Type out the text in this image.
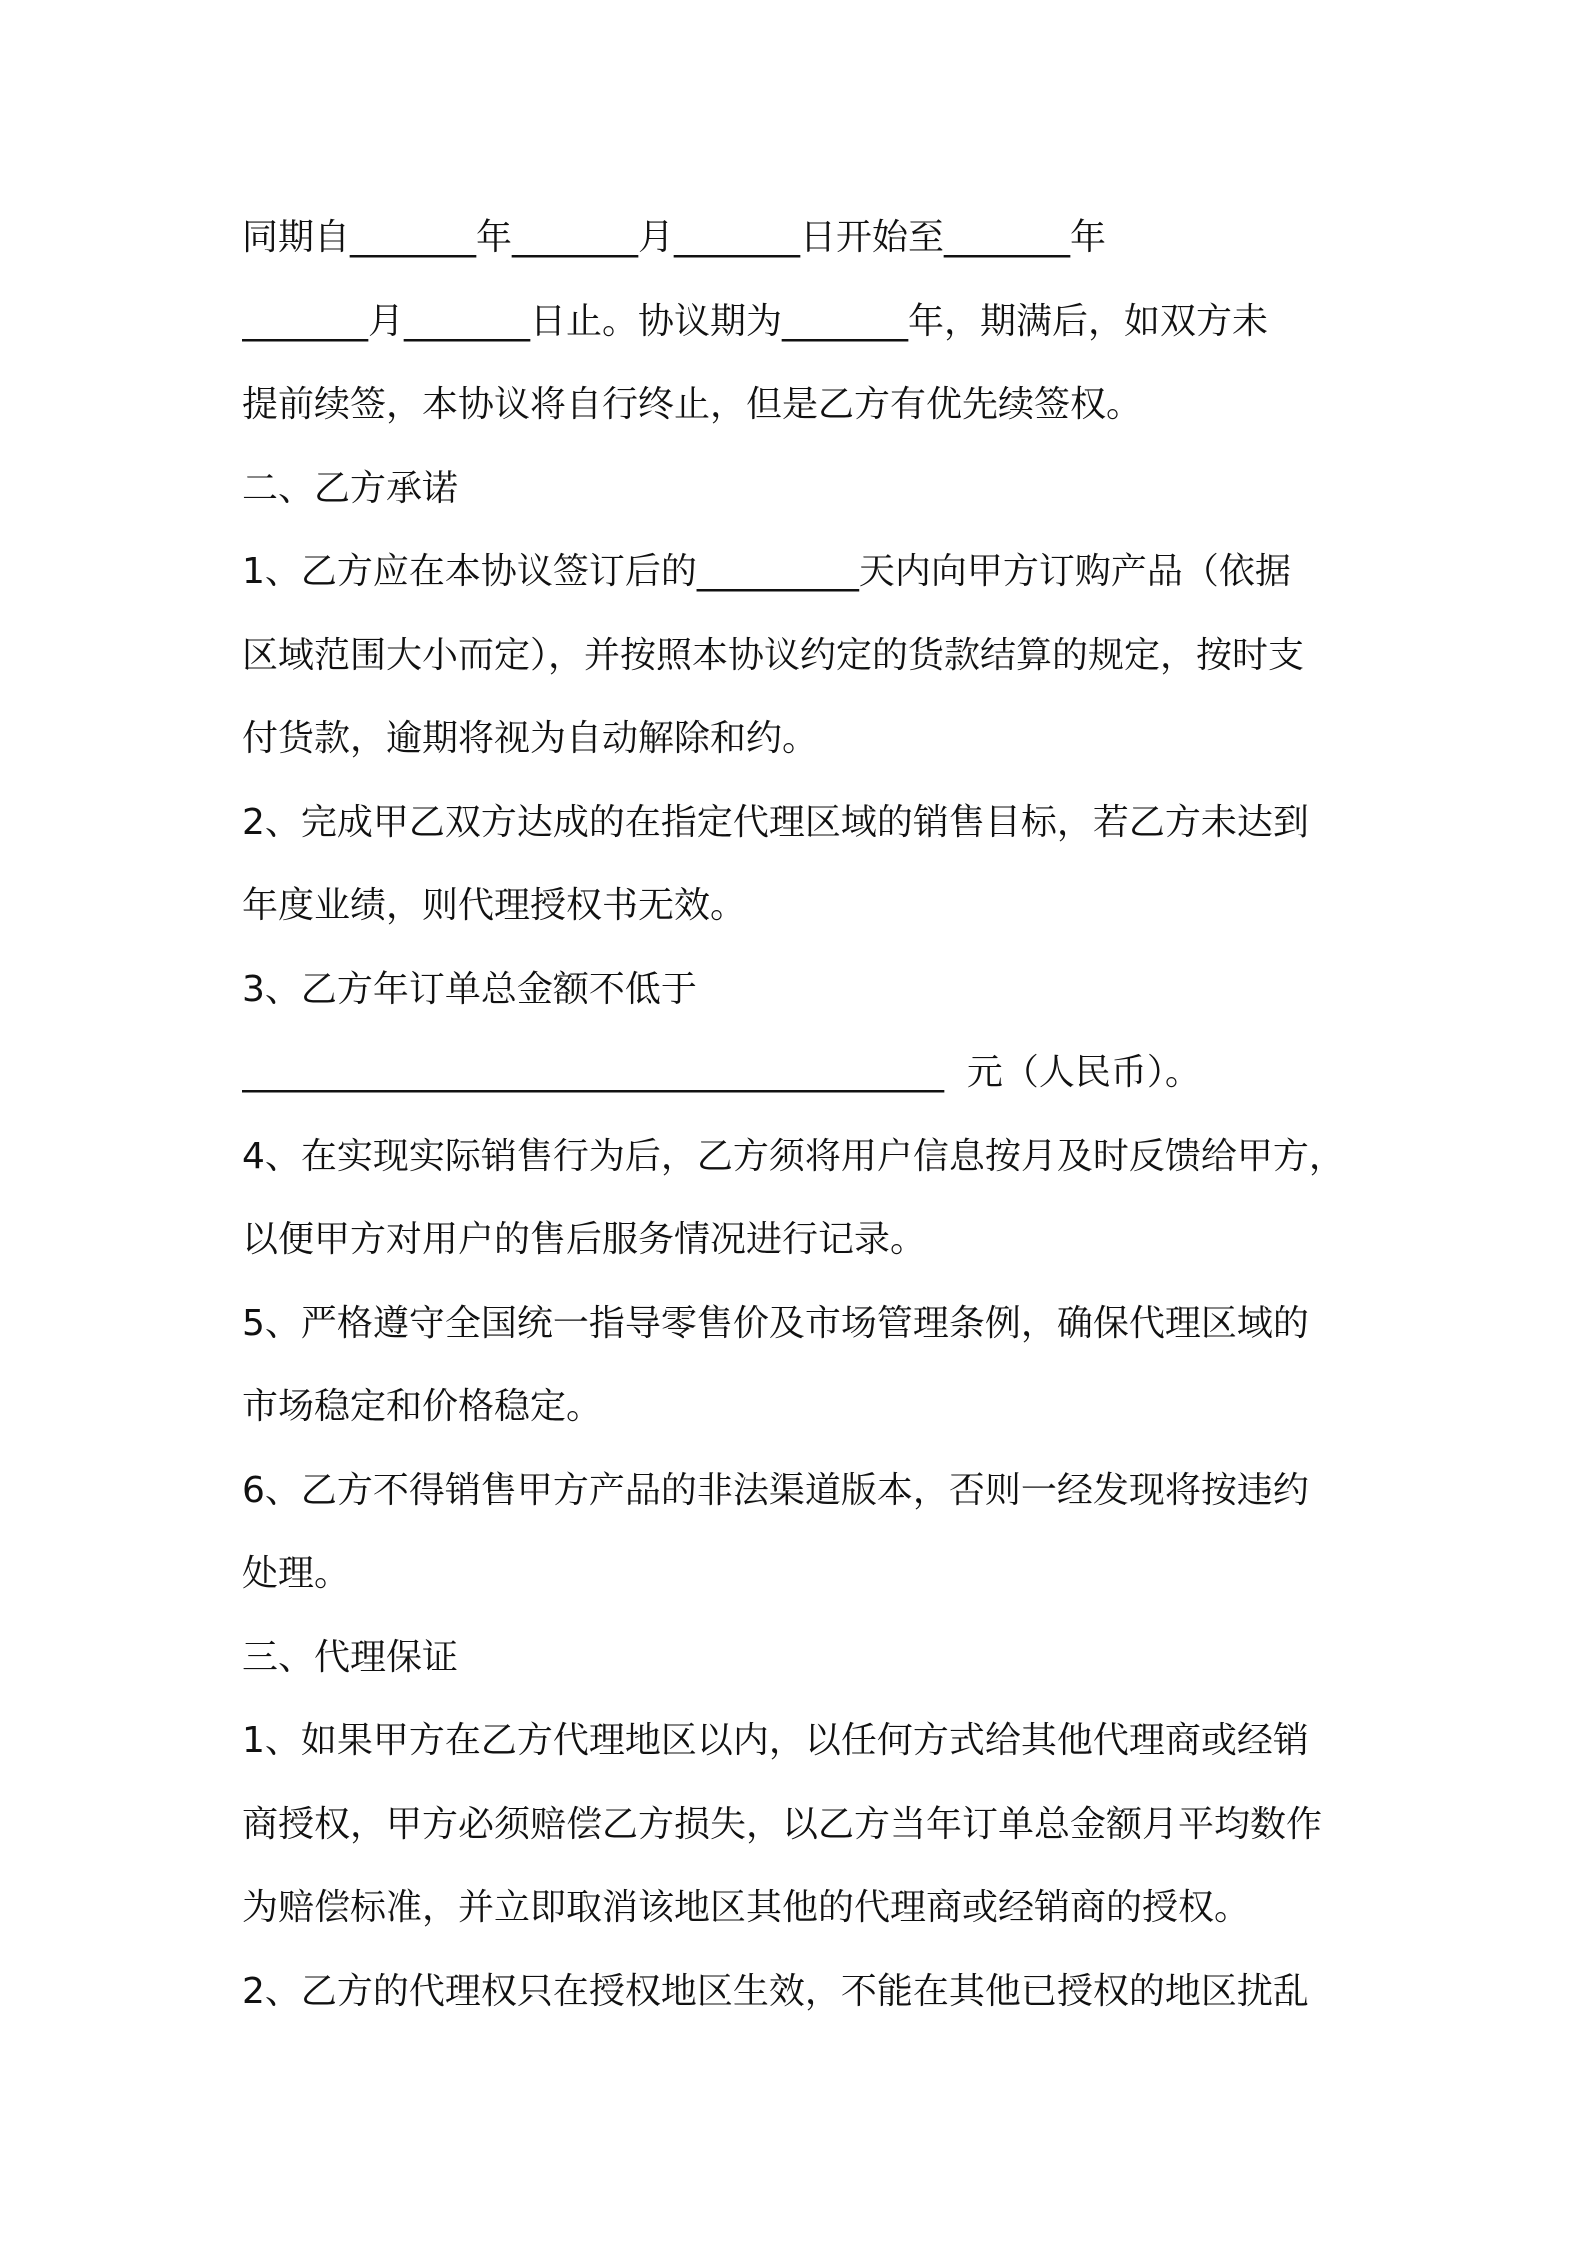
同期自_______年_______月_______日开始至_______年
_______月_______日止。协议期为_______年，期满后，如双方未
提前续签，本协议将自行终止，但是乙方有优先续签权。
二、乙方承诺
1、乙方应在本协议签订后的_________天内向甲方订购产品（依据
区域范围大小而定），并按照本协议约定的货款结算的规定，按时支
付货款，逾期将视为自动解除和约。
2、完成甲乙双方达成的在指定代理区域的销售目标，若乙方未达到
年度业绩，则代理授权书无效。
3、乙方年订单总金额不低于
_______________________________________  元（人民币）。
4、在实现实际销售行为后，乙方须将用户信息按月及时反馈给甲方，
以便甲方对用户的售后服务情况进行记录。
5、严格遵守全国统一指导零售价及市场管理条例，确保代理区域的
市场稳定和价格稳定。
6、乙方不得销售甲方产品的非法渠道版本，否则一经发现将按违约
处理。
三、代理保证
1、如果甲方在乙方代理地区以内，以任何方式给其他代理商或经销
商授权，甲方必须赔偿乙方损失，以乙方当年订单总金额月平均数作
为赔偿标准，并立即取消该地区其他的代理商或经销商的授权。
2、乙方的代理权只在授权地区生效，不能在其他已授权的地区扰乱
